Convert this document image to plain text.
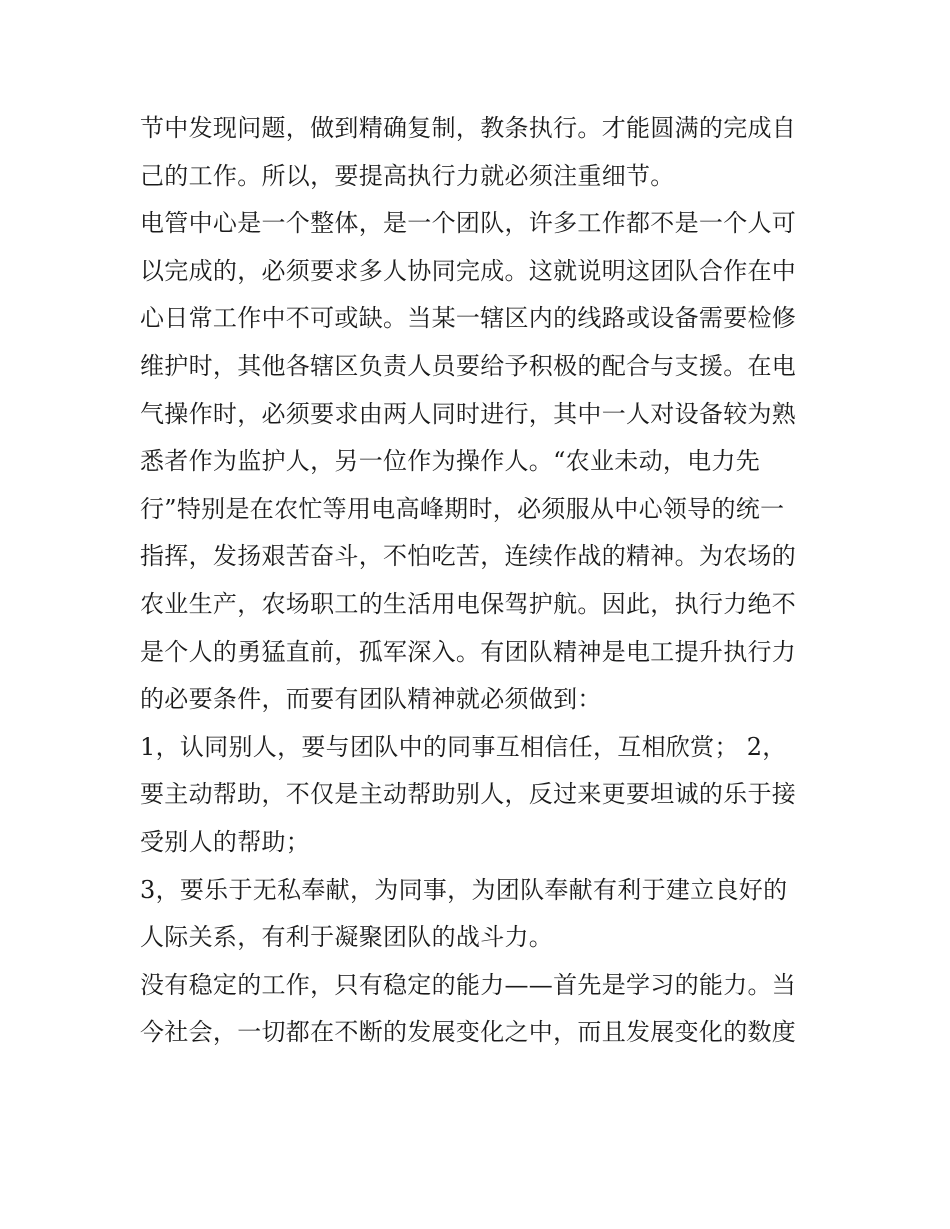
节中发现问题，做到精确复制，教条执行。才能圆满的完成自
己的工作。所以，要提高执行力就必须注重细节。
电管中心是一个整体，是一个团队，许多工作都不是一个人可
以完成的，必须要求多人协同完成。这就说明这团队合作在中
心日常工作中不可或缺。当某一辖区内的线路或设备需要检修
维护时，其他各辖区负责人员要给予积极的配合与支援。在电
气操作时，必须要求由两人同时进行，其中一人对设备较为熟
悉者作为监护人，另一位作为操作人。“农业未动，电力先
行”特别是在农忙等用电高峰期时，必须服从中心领导的统一
指挥，发扬艰苦奋斗，不怕吃苦，连续作战的精神。为农场的
农业生产，农场职工的生活用电保驾护航。因此，执行力绝不
是个人的勇猛直前，孤军深入。有团队精神是电工提升执行力
的必要条件，而要有团队精神就必须做到：
1，认同别人，要与团队中的同事互相信任，互相欣赏； 2，
要主动帮助，不仅是主动帮助别人，反过来更要坦诚的乐于接
受别人的帮助；
3，要乐于无私奉献，为同事，为团队奉献有利于建立良好的
人际关系，有利于凝聚团队的战斗力。
没有稳定的工作，只有稳定的能力——首先是学习的能力。当
今社会，一切都在不断的发展变化之中，而且发展变化的数度
